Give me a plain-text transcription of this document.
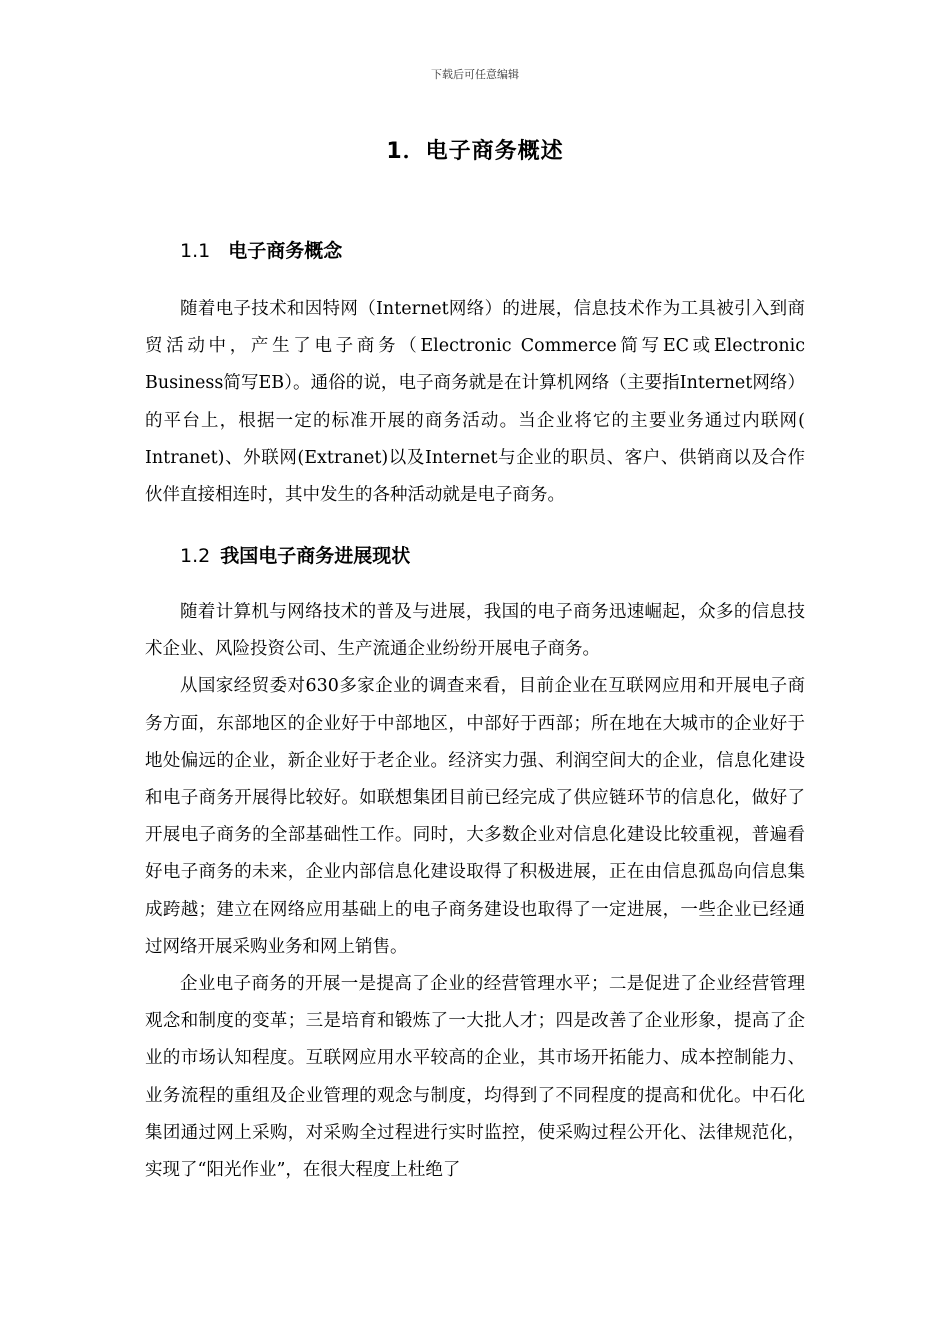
下载后可任意编辑
1．电子商务概述
1.1 电子商务概念

随着电子技术和因特网（Internet网络）的进展，信息技术作为工具被引入到商贸活动中，产生了电子商务（Electronic Commerce简写EC或Electronic Business简写EB）。通俗的说，电子商务就是在计算机网络（主要指Internet网络）的平台上，根据一定的标准开展的商务活动。当企业将它的主要业务通过内联网( Intranet)、外联网(Extranet)以及Internet与企业的职员、客户、供销商以及合作伙伴直接相连时，其中发生的各种活动就是电子商务。

1.2 我国电子商务进展现状

随着计算机与网络技术的普及与进展，我国的电子商务迅速崛起，众多的信息技术企业、风险投资公司、生产流通企业纷纷开展电子商务。

从国家经贸委对630多家企业的调查来看，目前企业在互联网应用和开展电子商务方面，东部地区的企业好于中部地区，中部好于西部；所在地在大城市的企业好于地处偏远的企业，新企业好于老企业。经济实力强、利润空间大的企业，信息化建设和电子商务开展得比较好。如联想集团目前已经完成了供应链环节的信息化，做好了开展电子商务的全部基础性工作。同时，大多数企业对信息化建设比较重视，普遍看好电子商务的未来，企业内部信息化建设取得了积极进展，正在由信息孤岛向信息集成跨越；建立在网络应用基础上的电子商务建设也取得了一定进展，一些企业已经通过网络开展采购业务和网上销售。

企业电子商务的开展一是提高了企业的经营管理水平；二是促进了企业经营管理观念和制度的变革；三是培育和锻炼了一大批人才；四是改善了企业形象，提高了企业的市场认知程度。互联网应用水平较高的企业，其市场开拓能力、成本控制能力、业务流程的重组及企业管理的观念与制度，均得到了不同程度的提高和优化。中石化集团通过网上采购，对采购全过程进行实时监控，使采购过程公开化、法律规范化，实现了“阳光作业”，在很大程度上杜绝了
